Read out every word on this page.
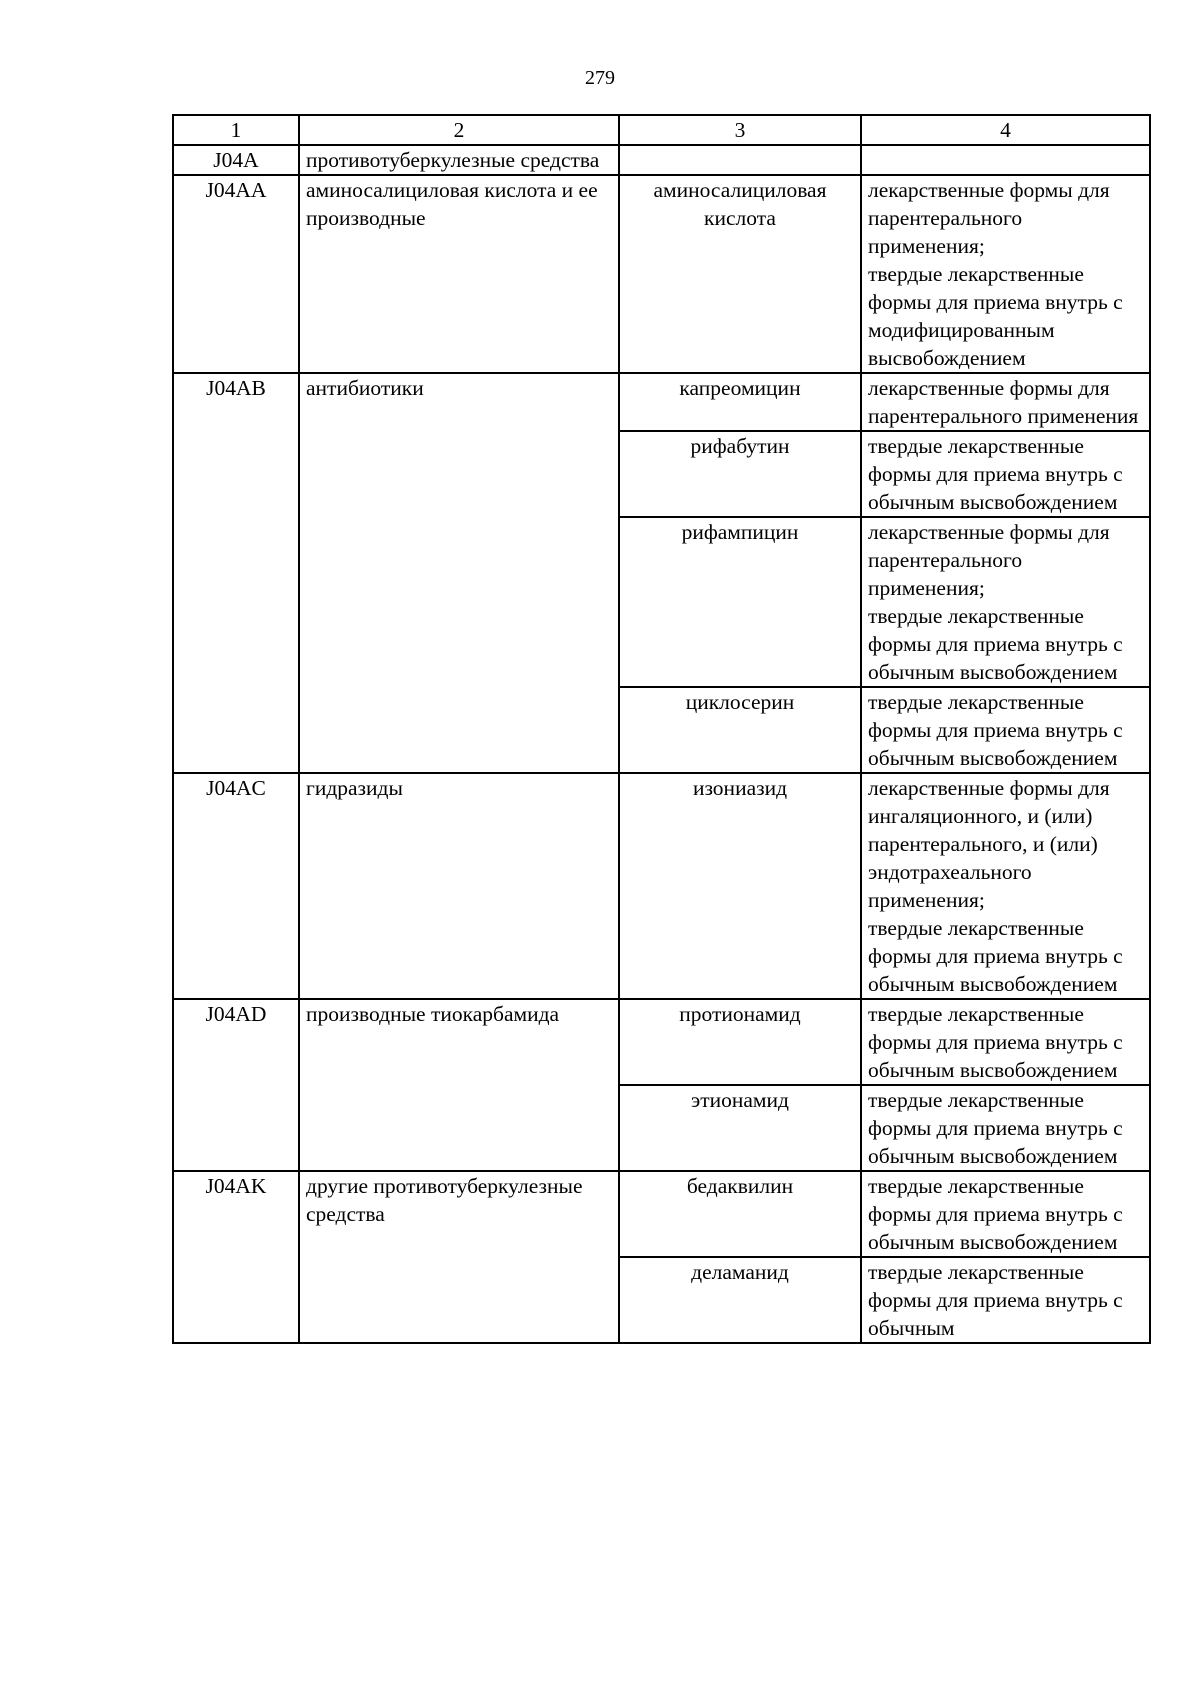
279
1	2	3	4
J04A	противотуберкулезные средства		
J04AA	аминосалициловая кислота и ее производные	аминосалициловая кислота	лекарственные формы для парентерального применения;
твердые лекарственные формы для приема внутрь с модифицированным высвобождением
J04AB	антибиотики	капреомицин	лекарственные формы для парентерального применения
		рифабутин	твердые лекарственные формы для приема внутрь с обычным высвобождением
		рифампицин	лекарственные формы для парентерального применения;
твердые лекарственные формы для приема внутрь с обычным высвобождением
		циклосерин	твердые лекарственные формы для приема внутрь с обычным высвобождением
J04AC	гидразиды	изониазид	лекарственные формы для ингаляционного, и (или) парентерального, и (или) эндотрахеального применения;
твердые лекарственные формы для приема внутрь с обычным высвобождением
J04AD	производные тиокарбамида	протионамид	твердые лекарственные формы для приема внутрь с обычным высвобождением
		этионамид	твердые лекарственные формы для приема внутрь с обычным высвобождением
J04AK	другие противотуберкулезные средства	бедаквилин	твердые лекарственные формы для приема внутрь с обычным высвобождением
		деламанид	твердые лекарственные формы для приема внутрь с обычным
